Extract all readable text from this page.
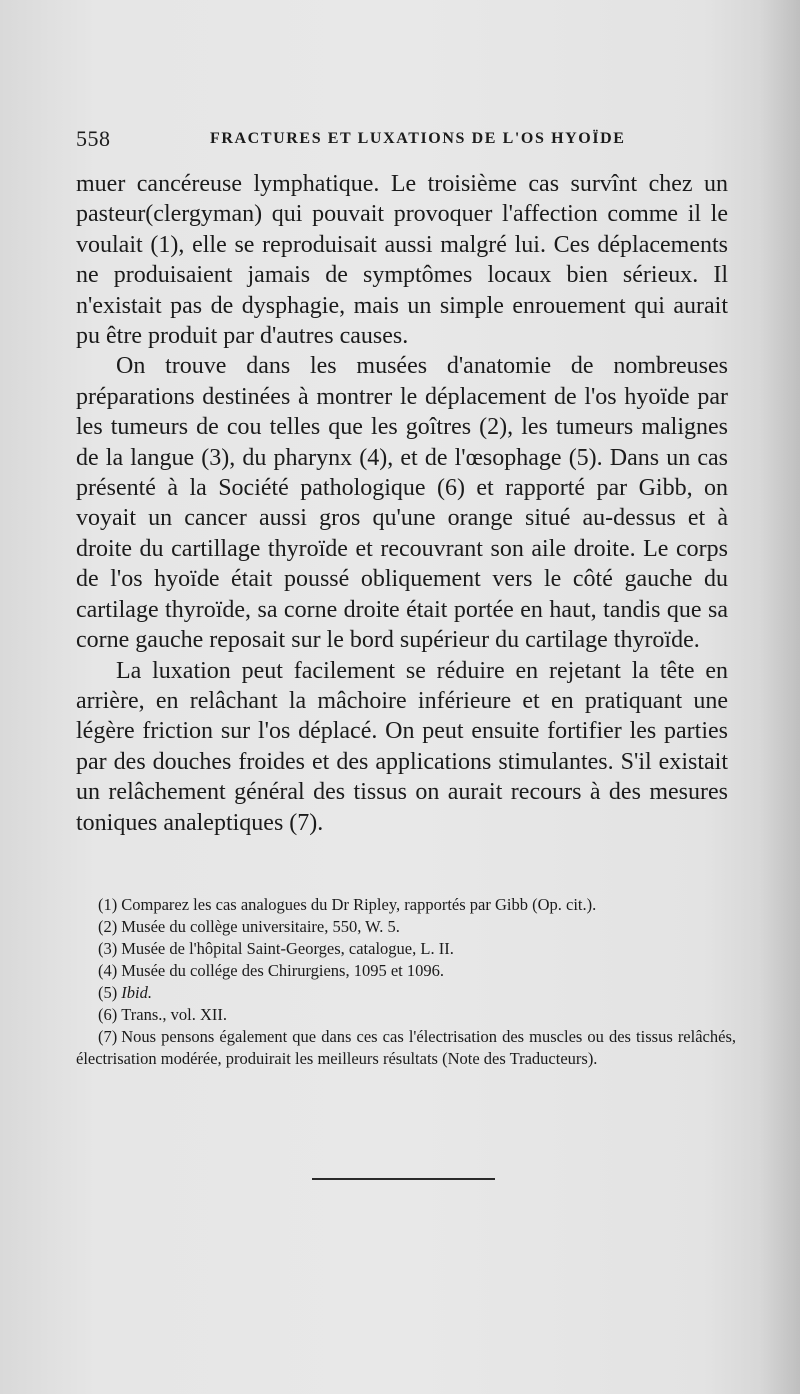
558	FRACTURES ET LUXATIONS DE L'OS HYOÏDE

muer cancéreuse lymphatique. Le troisième cas survînt chez un pasteur(clergyman) qui pouvait provoquer l'affection comme il le voulait (1), elle se reproduisait aussi malgré lui. Ces déplacements ne produisaient jamais de symptômes locaux bien sérieux. Il n'existait pas de dysphagie, mais un simple enrouement qui aurait pu être produit par d'autres causes.

On trouve dans les musées d'anatomie de nombreuses préparations destinées à montrer le déplacement de l'os hyoïde par les tumeurs de cou telles que les goîtres (2), les tumeurs malignes de la langue (3), du pharynx (4), et de l'œsophage (5). Dans un cas présenté à la Société pathologique (6) et rapporté par Gibb, on voyait un cancer aussi gros qu'une orange situé au-dessus et à droite du cartillage thyroïde et recouvrant son aile droite. Le corps de l'os hyoïde était poussé obliquement vers le côté gauche du cartilage thyroïde, sa corne droite était portée en haut, tandis que sa corne gauche reposait sur le bord supérieur du cartilage thyroïde.

La luxation peut facilement se réduire en rejetant la tête en arrière, en relâchant la mâchoire inférieure et en pratiquant une légère friction sur l'os déplacé. On peut ensuite fortifier les parties par des douches froides et des applications stimulantes. S'il existait un relâchement général des tissus on aurait recours à des mesures toniques analeptiques (7).

(1) Comparez les cas analogues du Dr Ripley, rapportés par Gibb (Op. cit.).

(2) Musée du collège universitaire, 550, W. 5.

(3) Musée de l'hôpital Saint-Georges, catalogue, L. II.

(4) Musée du collége des Chirurgiens, 1095 et 1096.

(5) Ibid.

(6) Trans., vol. XII.

(7) Nous pensons également que dans ces cas l'électrisation des muscles ou des tissus relâchés, électrisation modérée, produirait les meilleurs résultats (Note des Traducteurs).
